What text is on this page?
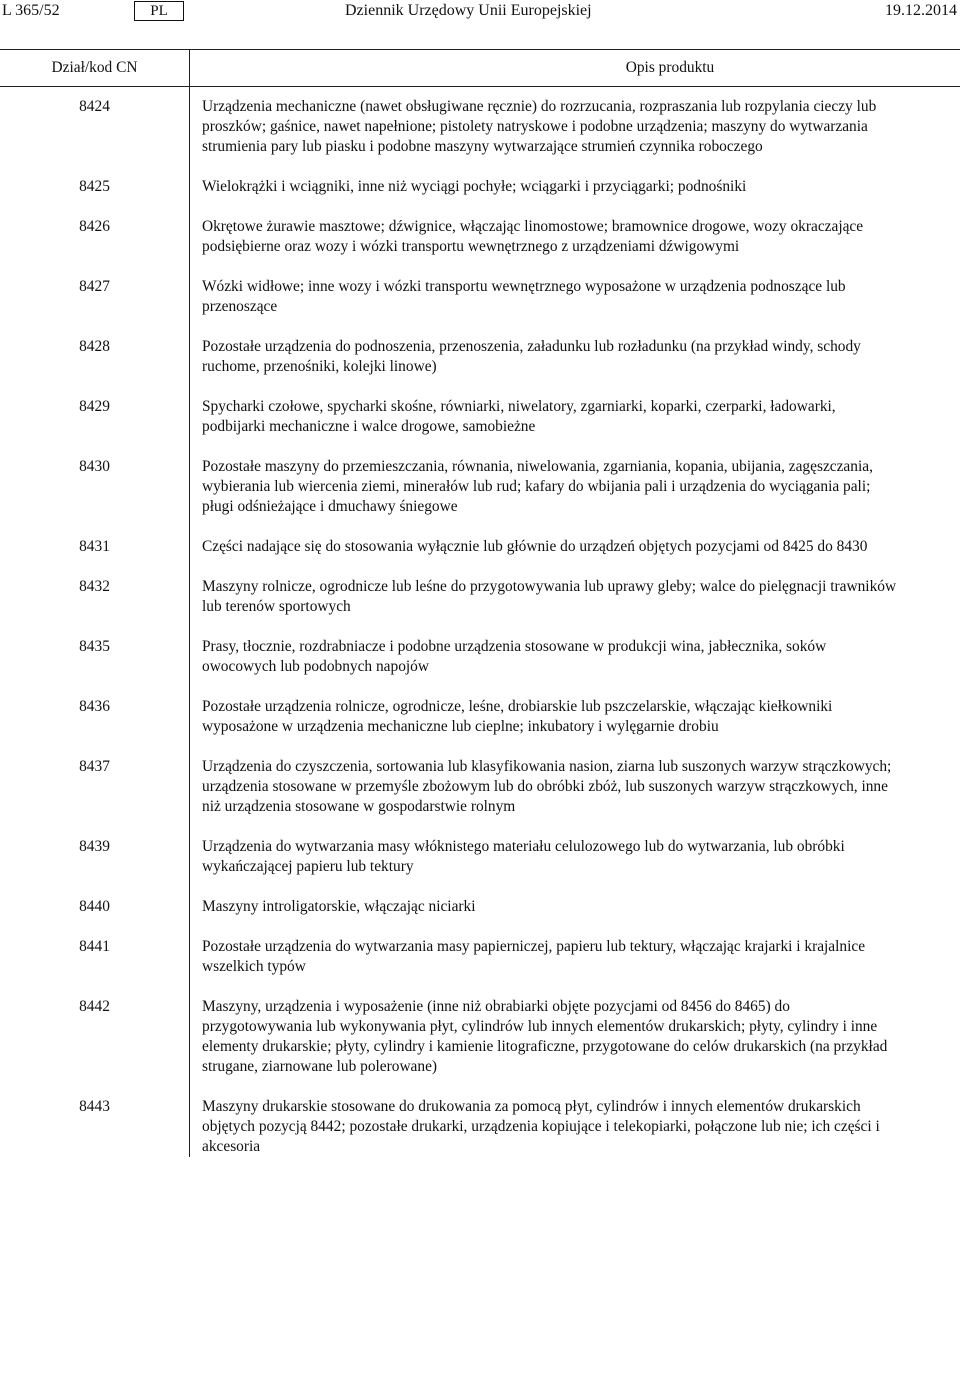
L 365/52	PL	Dziennik Urzędowy Unii Europejskiej	19.12.2014
Dział/kod CN	Opis produktu
8424	Urządzenia mechaniczne (nawet obsługiwane ręcznie) do rozrzucania, rozpraszania lub rozpylania cieczy lub proszków; gaśnice, nawet napełnione; pistolety natryskowe i podobne urządzenia; maszyny do wytwarzania strumienia pary lub piasku i podobne maszyny wytwarzające strumień czynnika roboczego

8425	Wielokrążki i wciągniki, inne niż wyciągi pochyłe; wciągarki i przyciągarki; podnośniki

8426	Okrętowe żurawie masztowe; dźwignice, włączając linomostowe; bramownice drogowe, wozy okraczające podsiębierne oraz wozy i wózki transportu wewnętrznego z urządzeniami dźwigowymi

8427	Wózki widłowe; inne wozy i wózki transportu wewnętrznego wyposażone w urządzenia podnoszące lub przenoszące

8428	Pozostałe urządzenia do podnoszenia, przenoszenia, załadunku lub rozładunku (na przykład windy, schody ruchome, przenośniki, kolejki linowe)

8429	Spycharki czołowe, spycharki skośne, równiarki, niwelatory, zgarniarki, koparki, czerparki, ładowarki, podbijarki mechaniczne i walce drogowe, samobieżne

8430	Pozostałe maszyny do przemieszczania, równania, niwelowania, zgarniania, kopania, ubijania, zagęszczania, wybierania lub wiercenia ziemi, minerałów lub rud; kafary do wbijania pali i urządzenia do wyciągania pali; pługi odśnieżające i dmuchawy śniegowe

8431	Części nadające się do stosowania wyłącznie lub głównie do urządzeń objętych pozycjami od 8425 do 8430

8432	Maszyny rolnicze, ogrodnicze lub leśne do przygotowywania lub uprawy gleby; walce do pielęgnacji trawników lub terenów sportowych

8435	Prasy, tłocznie, rozdrabniacze i podobne urządzenia stosowane w produkcji wina, jabłecznika, soków owocowych lub podobnych napojów

8436	Pozostałe urządzenia rolnicze, ogrodnicze, leśne, drobiarskie lub pszczelarskie, włączając kiełkowniki wyposażone w urządzenia mechaniczne lub cieplne; inkubatory i wylęgarnie drobiu

8437	Urządzenia do czyszczenia, sortowania lub klasyfikowania nasion, ziarna lub suszonych warzyw strączkowych; urządzenia stosowane w przemyśle zbożowym lub do obróbki zbóż, lub suszonych warzyw strączkowych, inne niż urządzenia stosowane w gospodarstwie rolnym

8439	Urządzenia do wytwarzania masy włóknistego materiału celulozowego lub do wytwarzania, lub obróbki wykańczającej papieru lub tektury

8440	Maszyny introligatorskie, włączając niciarki

8441	Pozostałe urządzenia do wytwarzania masy papierniczej, papieru lub tektury, włączając krajarki i krajalnice wszelkich typów

8442	Maszyny, urządzenia i wyposażenie (inne niż obrabiarki objęte pozycjami od 8456 do 8465) do przygotowywania lub wykonywania płyt, cylindrów lub innych elementów drukarskich; płyty, cylindry i inne elementy drukarskie; płyty, cylindry i kamienie litograficzne, przygotowane do celów drukarskich (na przykład strugane, ziarnowane lub polerowane)

8443	Maszyny drukarskie stosowane do drukowania za pomocą płyt, cylindrów i innych elementów drukarskich objętych pozycją 8442; pozostałe drukarki, urządzenia kopiujące i telekopiarki, połączone lub nie; ich części i akcesoria
